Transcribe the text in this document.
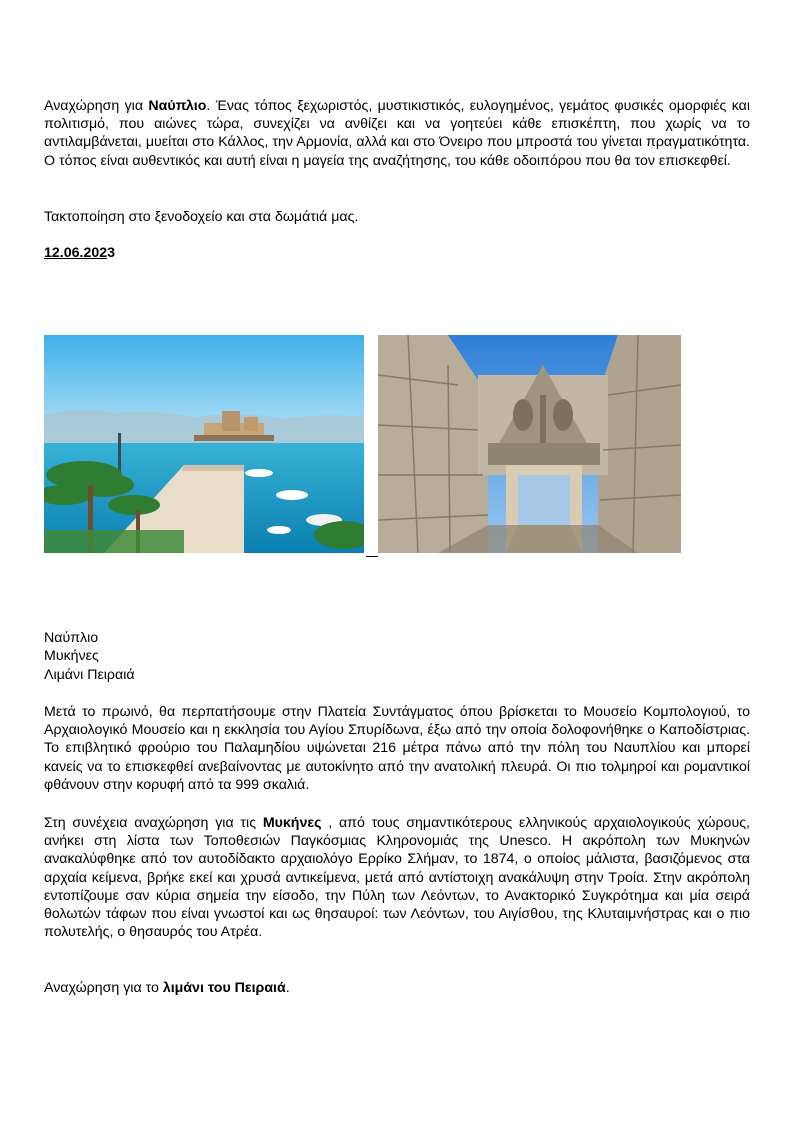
Αναχώρηση για Ναύπλιο. Ένας τόπος ξεχωριστός, μυστικιστικός, ευλογημένος, γεμάτος φυσικές ομορφιές και πολιτισμό, που αιώνες τώρα, συνεχίζει να ανθίζει και να γοητεύει κάθε επισκέπτη, που χωρίς να το αντιλαμβάνεται, μυείται στο Κάλλος, την Αρμονία, αλλά και στο Όνειρο που μπροστά του γίνεται πραγματικότητα. Ο τόπος είναι αυθεντικός και αυτή είναι η μαγεία της αναζήτησης, του κάθε οδοιπόρου που θα τον επισκεφθεί.

Τακτοποίηση στο ξενοδοχείο και στα δωμάτιά μας.

12.06.2023

Ναύπλιο

Μυκήνες

Λιμάνι Πειραιά

Μετά το πρωινό, θα περπατήσουμε στην Πλατεία Συντάγματος όπου βρίσκεται το Μουσείο Κομπολογιού, το Αρχαιολογικό Μουσείο και η εκκλησία του Αγίου Σπυρίδωνα, έξω από την οποία δολοφονήθηκε ο Καποδίστριας. Το επιβλητικό φρούριο του Παλαμηδίου υψώνεται 216 μέτρα πάνω από την πόλη του Ναυπλίου και μπορεί κανείς να το επισκεφθεί ανεβαίνοντας με αυτοκίνητο από την ανατολική πλευρά. Οι πιο τολμηροί και ρομαντικοί φθάνουν στην κορυφή από τα 999 σκαλιά.

Στη συνέχεια αναχώρηση για τις Μυκήνες , από τους σημαντικότερους ελληνικούς αρχαιολογικούς χώρους, ανήκει στη λίστα των Τοποθεσιών Παγκόσμιας Κληρονομιάς της Unesco. Η ακρόπολη των Μυκηνών ανακαλύφθηκε από τον αυτοδίδακτο αρχαιολόγο Ερρίκο Σλήμαν, το 1874, ο οποίος μάλιστα, βασιζόμενος στα αρχαία κείμενα, βρήκε εκεί και χρυσά αντικείμενα, μετά από αντίστοιχη ανακάλυψη στην Τροία. Στην ακρόπολη εντοπίζουμε σαν κύρια σημεία την είσοδο, την Πύλη των Λεόντων, το Ανακτορικό Συγκρότημα και μία σειρά θολωτών τάφων που είναι γνωστοί και ως θησαυροί: των Λεόντων, του Αιγίσθου, της Κλυταιμνήστρας και ο πιο πολυτελής, ο θησαυρός του Ατρέα.

Αναχώρηση για το λιμάνι του Πειραιά.
